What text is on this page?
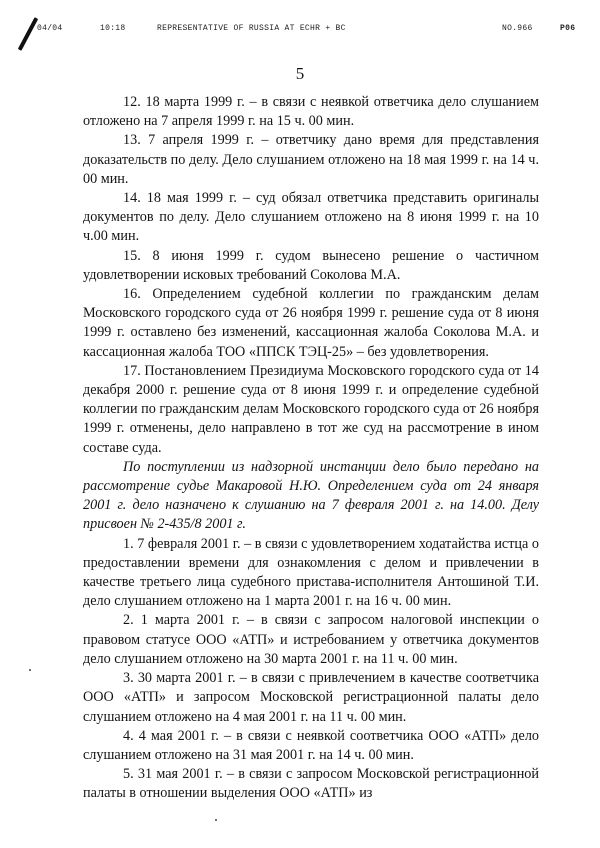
04/04	10:18	REPRESENTATIVE OF RUSSIA AT ECHR + BC	NO.966	P06
5

12. 18 марта 1999 г. – в связи с неявкой ответчика дело слушанием отложено на 7 апреля 1999 г. на 15 ч. 00 мин.

13. 7 апреля 1999 г. – ответчику дано время для представления доказательств по делу. Дело слушанием отложено на 18 мая 1999 г. на 14 ч. 00 мин.

14. 18 мая 1999 г. – суд обязал ответчика представить оригиналы документов по делу. Дело слушанием отложено на 8 июня 1999 г. на 10 ч.00 мин.

15. 8 июня 1999 г. судом вынесено решение о частичном удовлетворении исковых требований Соколова М.А.

16. Определением судебной коллегии по гражданским делам Московского городского суда от 26 ноября 1999 г. решение суда от 8 июня 1999 г. оставлено без изменений, кассационная жалоба Соколова М.А. и кассационная жалоба ТОО «ППСК ТЭЦ-25» – без удовлетворения.

17. Постановлением Президиума Московского городского суда от 14 декабря 2000 г. решение суда от 8 июня 1999 г. и определение судебной коллегии по гражданским делам Московского городского суда от 26 ноября 1999 г. отменены, дело направлено в тот же суд на рассмотрение в ином составе суда.

По поступлении из надзорной инстанции дело было передано на рассмотрение судье Макаровой Н.Ю. Определением суда от 24 января 2001 г. дело назначено к слушанию на 7 февраля 2001 г. на 14.00. Делу присвоен № 2-435/8 2001 г.

1. 7 февраля 2001 г. – в связи с удовлетворением ходатайства истца о предоставлении времени для ознакомления с делом и привлечении в качестве третьего лица судебного пристава-исполнителя Антошиной Т.И. дело слушанием отложено на 1 марта 2001 г. на 16 ч. 00 мин.

2. 1 марта 2001 г. – в связи с запросом налоговой инспекции о правовом статусе ООО «АТП» и истребованием у ответчика документов дело слушанием отложено на 30 марта 2001 г. на 11 ч. 00 мин.

3. 30 марта 2001 г. – в связи с привлечением в качестве соответчика ООО «АТП» и запросом Московской регистрационной палаты дело слушанием отложено на 4 мая 2001 г. на 11 ч. 00 мин.

4. 4 мая 2001 г. – в связи с неявкой соответчика ООО «АТП» дело слушанием отложено на 31 мая 2001 г. на 14 ч. 00 мин.

5. 31 мая 2001 г. – в связи с запросом Московской регистрационной палаты в отношении выделения ООО «АТП» из
